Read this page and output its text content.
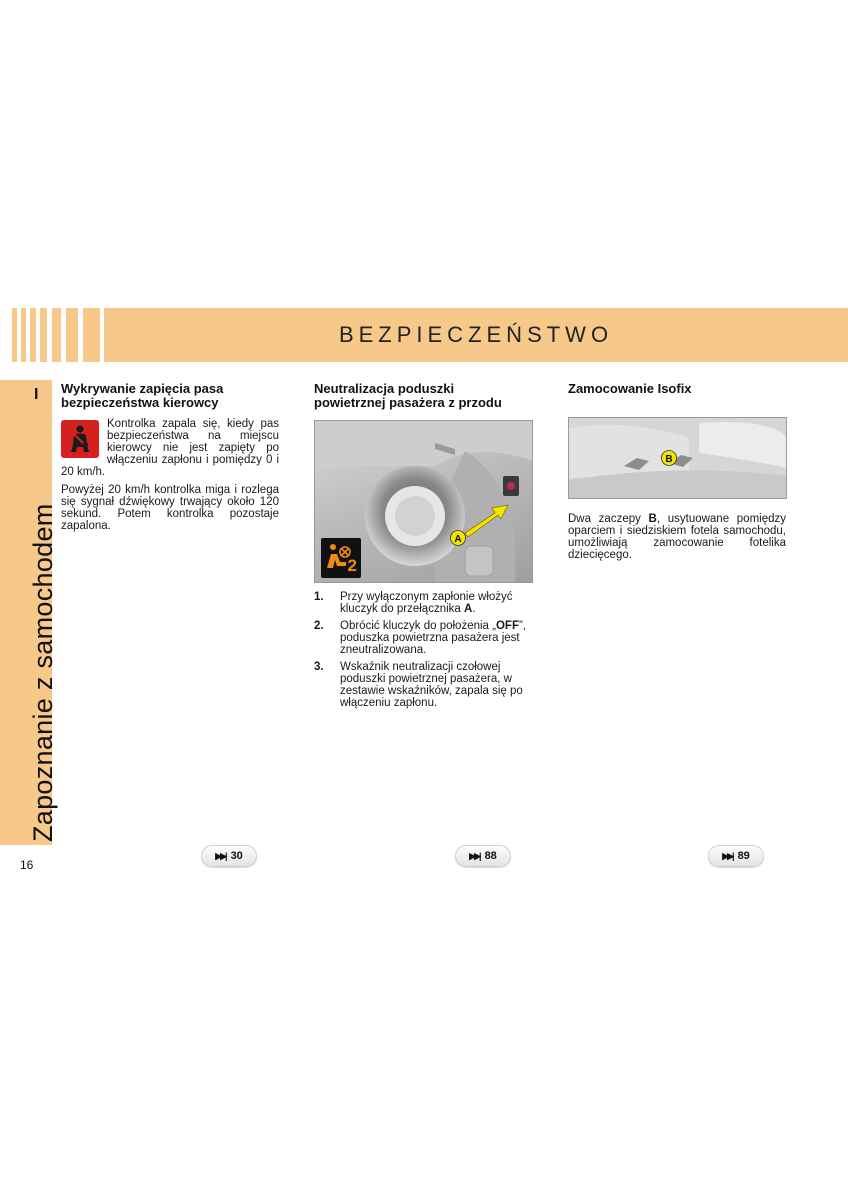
BEZPIECZEŃSTWO
I
Zapoznanie z samochodem
16
Wykrywanie zapięcia pasa
bezpieczeństwa kierowcy

Kontrolka zapala się, kiedy pas bezpieczeństwa na miejscu kierowcy nie jest zapięty po włączeniu zapłonu i pomiędzy 0 i 20 km/h.

Powyżej 20 km/h kontrolka miga i rozlega się sygnał dźwiękowy trwający około 120 sekund. Potem kontrolka pozostaje zapalona.

Neutralizacja poduszki
powietrznej pasażera z przodu
A
2
1. Przy wyłączonym zapłonie włożyć kluczyk do przełącznika A.
2. Obrócić kluczyk do położenia „OFF”, poduszka powietrzna pasażera jest zneutralizowana.
3. Wskaźnik neutralizacji czołowej poduszki powietrznej pasażera, w zestawie wskaźników, zapala się po włączeniu zapłonu.
Zamocowanie Isofix
B

Dwa zaczepy B, usytuowane pomiędzy oparciem i siedziskiem fotela samochodu, umożliwiają zamocowanie fotelika dziecięcego.

▶▶| 30	▶▶| 88	▶▶| 89
